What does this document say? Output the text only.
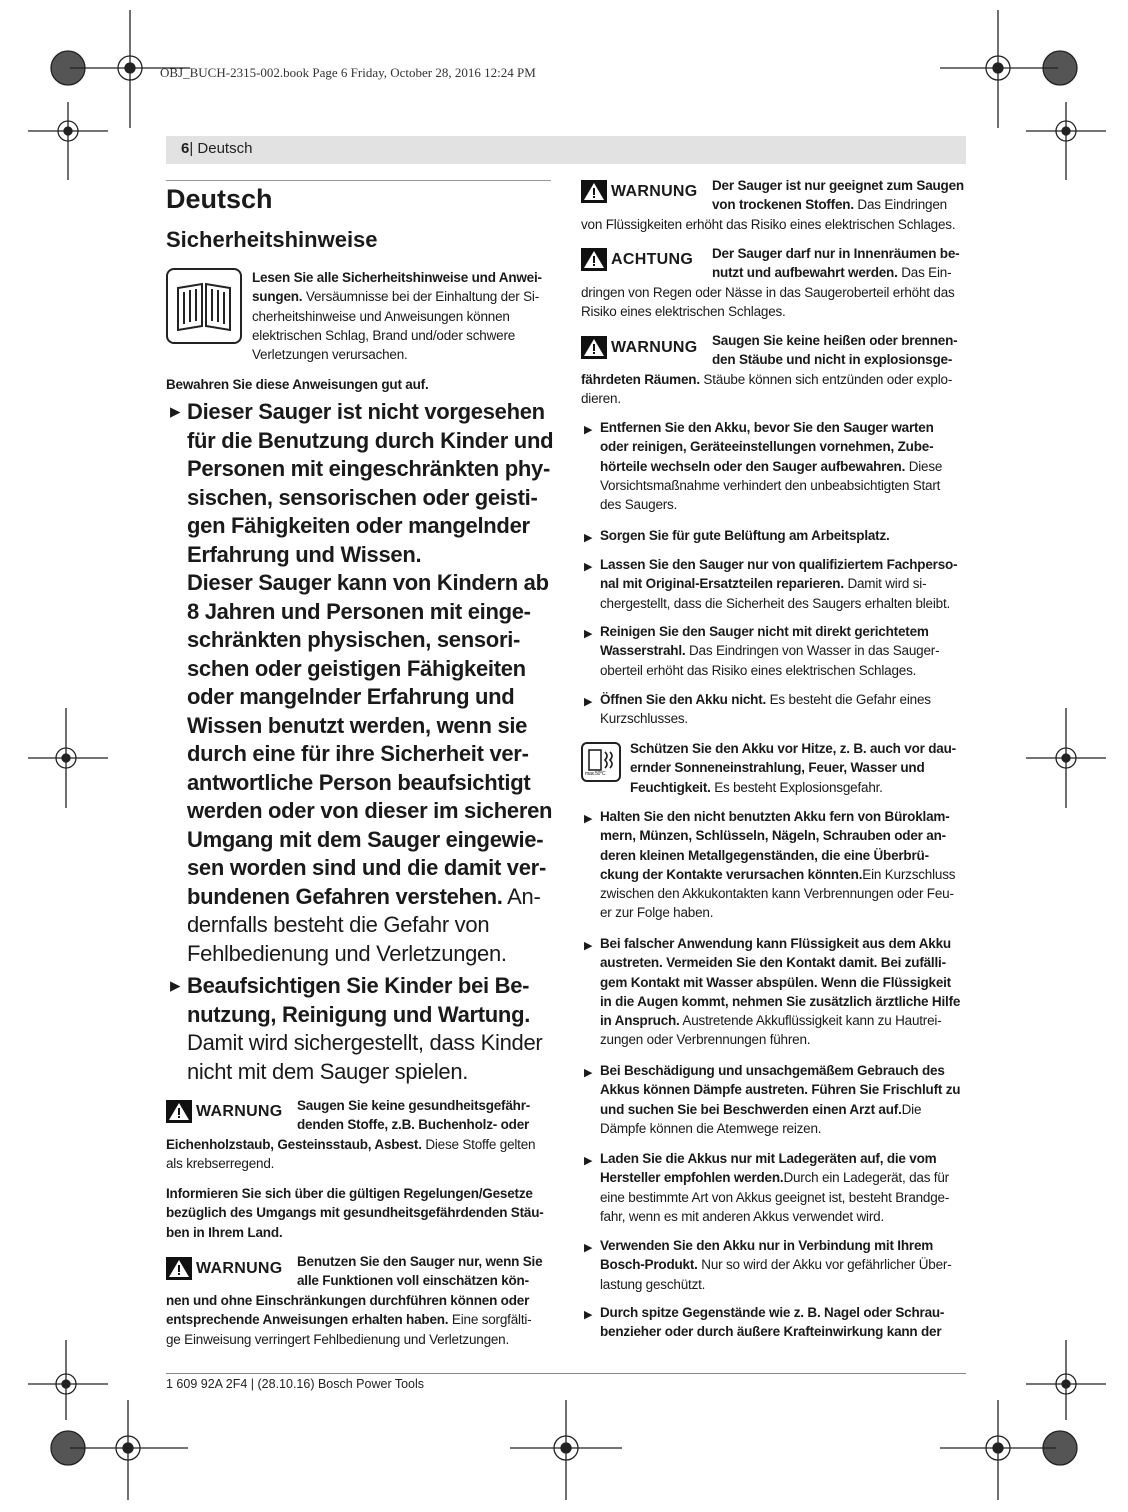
OBJ_BUCH-2315-002.book Page 6 Friday, October 28, 2016 12:24 PM
6| Deutsch
Deutsch
Sicherheitshinweise

Lesen Sie alle Sicherheitshinweise und Anwei-
sungen. Versäumnisse bei der Einhaltung der Si-
cherheitshinweise und Anweisungen können
elektrischen Schlag, Brand und/oder schwere
Verletzungen verursachen.

Bewahren Sie diese Anweisungen gut auf.

▸ Dieser Sauger ist nicht vorgesehen
für die Benutzung durch Kinder und
Personen mit eingeschränkten phy-
sischen, sensorischen oder geisti-
gen Fähigkeiten oder mangelnder
Erfahrung und Wissen.
Dieser Sauger kann von Kindern ab
8 Jahren und Personen mit einge-
schränkten physischen, sensori-
schen oder geistigen Fähigkeiten
oder mangelnder Erfahrung und
Wissen benutzt werden, wenn sie
durch eine für ihre Sicherheit ver-
antwortliche Person beaufsichtigt
werden oder von dieser im sicheren
Umgang mit dem Sauger eingewie-
sen worden sind und die damit ver-
bundenen Gefahren verstehen. An-
dernfalls besteht die Gefahr von
Fehlbedienung und Verletzungen.

▸ Beaufsichtigen Sie Kinder bei Be-
nutzung, Reinigung und Wartung.
Damit wird sichergestellt, dass Kinder
nicht mit dem Sauger spielen.

WARNUNG Saugen Sie keine gesundheitsgefähr-
denden Stoffe, z.B. Buchenholz- oder

Eichenholzstaub, Gesteinsstaub, Asbest. Diese Stoffe gelten
als krebserregend.

Informieren Sie sich über die gültigen Regelungen/Gesetze
bezüglich des Umgangs mit gesundheitsgefährdenden Stäu-
ben in Ihrem Land.

WARNUNG Benutzen Sie den Sauger nur, wenn Sie
alle Funktionen voll einschätzen kön-

nen und ohne Einschränkungen durchführen können oder
entsprechende Anweisungen erhalten haben. Eine sorgfälti-
ge Einweisung verringert Fehlbedienung und Verletzungen.

WARNUNG Der Sauger ist nur geeignet zum Saugen
von trockenen Stoffen. Das Eindringen

von Flüssigkeiten erhöht das Risiko eines elektrischen Schlages.

ACHTUNG Der Sauger darf nur in Innenräumen be-
nutzt und aufbewahrt werden. Das Ein-

dringen von Regen oder Nässe in das Saugeroberteil erhöht das
Risiko eines elektrischen Schlages.

WARNUNG Saugen Sie keine heißen oder brennen-
den Stäube und nicht in explosionsge-

fährdeten Räumen. Stäube können sich entzünden oder explo-
dieren.

▶ Entfernen Sie den Akku, bevor Sie den Sauger warten
oder reinigen, Geräteeinstellungen vornehmen, Zube-
hörteile wechseln oder den Sauger aufbewahren. Diese
Vorsichtsmaßnahme verhindert den unbeabsichtigten Start
des Saugers.

▶ Sorgen Sie für gute Belüftung am Arbeitsplatz.

▶ Lassen Sie den Sauger nur von qualifiziertem Fachperso-
nal mit Original-Ersatzteilen reparieren. Damit wird si-
chergestellt, dass die Sicherheit des Saugers erhalten bleibt.

▶ Reinigen Sie den Sauger nicht mit direkt gerichtetem
Wasserstrahl. Das Eindringen von Wasser in das Sauger-
oberteil erhöht das Risiko eines elektrischen Schlages.

▶ Öffnen Sie den Akku nicht. Es besteht die Gefahr eines
Kurzschlusses.

max.50°C

Schützen Sie den Akku vor Hitze, z. B. auch vor dau-
ernder Sonneneinstrahlung, Feuer, Wasser und
Feuchtigkeit. Es besteht Explosionsgefahr.

▶ Halten Sie den nicht benutzten Akku fern von Büroklam-
mern, Münzen, Schlüsseln, Nägeln, Schrauben oder an-
deren kleinen Metallgegenständen, die eine Überbrü-
ckung der Kontakte verursachen könnten.Ein Kurzschluss
zwischen den Akkukontakten kann Verbrennungen oder Feu-
er zur Folge haben.

▶ Bei falscher Anwendung kann Flüssigkeit aus dem Akku
austreten. Vermeiden Sie den Kontakt damit. Bei zufälli-
gem Kontakt mit Wasser abspülen. Wenn die Flüssigkeit
in die Augen kommt, nehmen Sie zusätzlich ärztliche Hilfe
in Anspruch. Austretende Akkuflüssigkeit kann zu Hautrei-
zungen oder Verbrennungen führen.

▶ Bei Beschädigung und unsachgemäßem Gebrauch des
Akkus können Dämpfe austreten. Führen Sie Frischluft zu
und suchen Sie bei Beschwerden einen Arzt auf.Die
Dämpfe können die Atemwege reizen.

▶ Laden Sie die Akkus nur mit Ladegeräten auf, die vom
Hersteller empfohlen werden.Durch ein Ladegerät, das für
eine bestimmte Art von Akkus geeignet ist, besteht Brandge-
fahr, wenn es mit anderen Akkus verwendet wird.

▶ Verwenden Sie den Akku nur in Verbindung mit Ihrem
Bosch-Produkt. Nur so wird der Akku vor gefährlicher Über-
lastung geschützt.

▶ Durch spitze Gegenstände wie z. B. Nagel oder Schrau-
benzieher oder durch äußere Krafteinwirkung kann der

1 609 92A 2F4 | (28.10.16) Bosch Power Tools
